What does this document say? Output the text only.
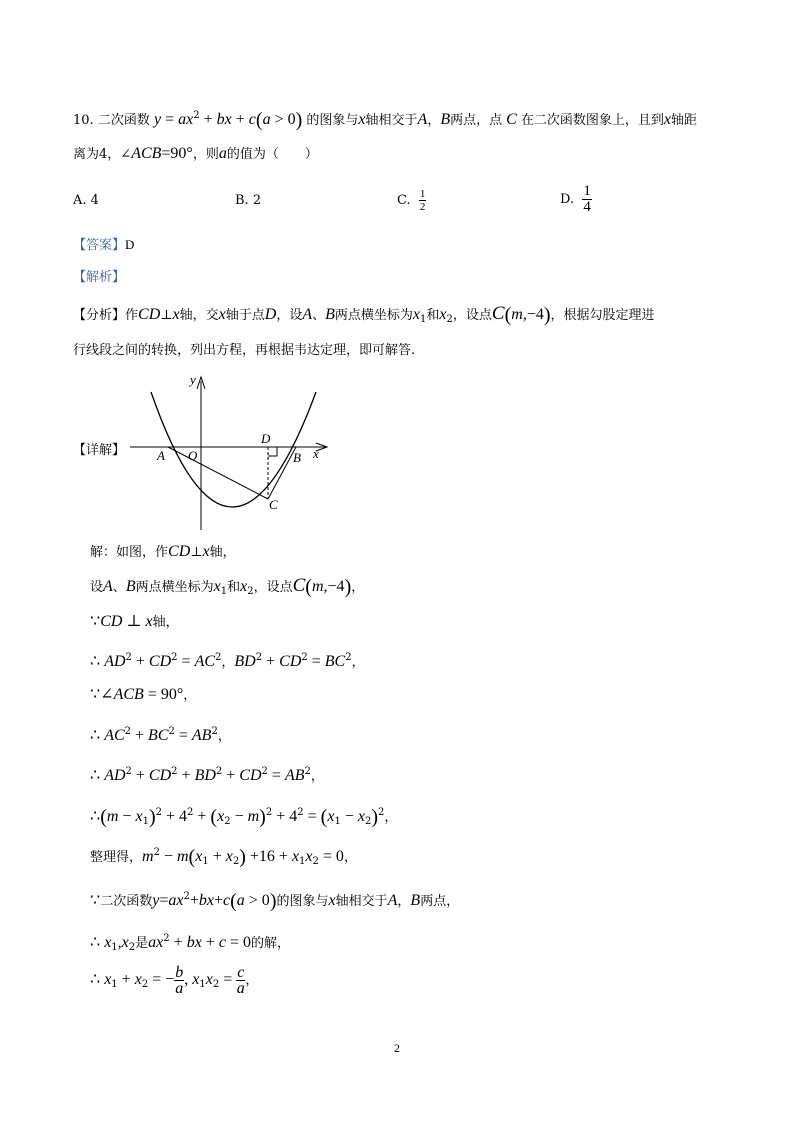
10. 二次函数 $y = ax^2$ + bx + c(a > 0) 的图象与x轴相交于A，B两点，点 C 在二次函数图象上，且到x轴距
离为4，∠ACB=90°，则a的值为（　　）
A. 4	B. 2	C. $\frac{1}{2}$	D. $\frac{1}{4}$
【答案】D
【解析】
【分析】作CD⊥x轴，交x轴于点D，设A、B两点横坐标为$x_1$和$x_2$，设点C(m,−4)，根据勾股定理进
行线段之间的转换，列出方程，再根据韦达定理，即可解答.
【详解】
y
x
A O
D
B
C
解：如图，作CD⊥x轴，
设A、B两点横坐标为$x_1$和$x_2$，设点C(m,−4)，
∵CD ⊥ x轴，
∴ $AD^2 + CD^2 = AC^2$，$BD^2 + CD^2 = BC^2$，
∵∠ACB = 90°，
∴ $AC^2 + BC^2 = AB^2$，
∴ $AD^2 + CD^2 + BD^2 + CD^2 = AB^2$，
∴(m − $x_1)^2 + 4^2 + (x_2 - m)^2 + 4^2 = (x_1 - x_2)^2$，
整理得，$m^2 - m(x_1 + x_2) +16 + x_1x_2 = 0$，
∵二次函数$y=ax^2+bx+c(a > 0)$的图象与x轴相交于A，B两点，
∴ $x_1,x_2$是$ax^2$ + bx + c = 0的解，
∴ $x_1 + x_2$ = − $\frac{b}{a}$ , $x_1x_2 = \frac{c}{a}$ ，
2
